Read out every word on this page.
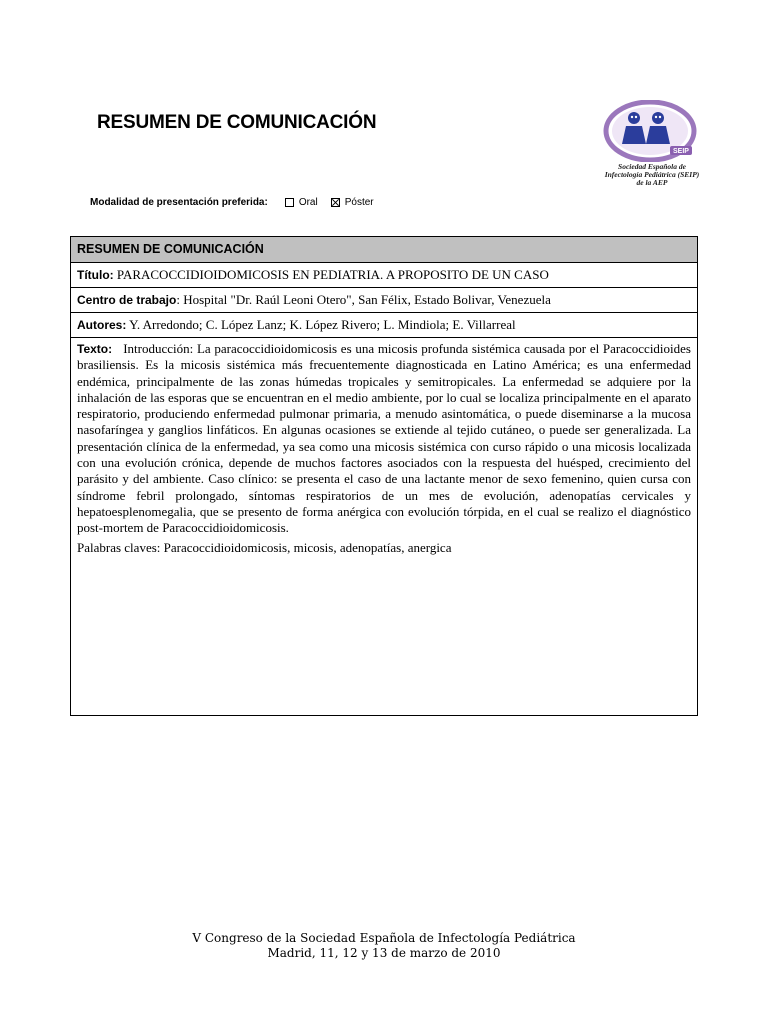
RESUMEN DE COMUNICACIÓN
SEIP
Sociedad Española de
Infectología Pediátrica (SEIP)
de la AEP
Modalidad de presentación preferida:	Oral	Póster
RESUMEN DE COMUNICACIÓN
Título: PARACOCCIDIOIDOMICOSIS EN PEDIATRIA. A PROPOSITO DE UN CASO
Centro de trabajo: Hospital "Dr. Raúl Leoni Otero", San Félix, Estado Bolivar, Venezuela
Autores: Y. Arredondo; C. López Lanz; K. López Rivero; L. Mindiola; E. Villarreal
Texto: Introducción: La paracoccidioidomicosis es una micosis profunda sistémica causada por el Paracoccidioides brasiliensis. Es la micosis sistémica más frecuentemente diagnosticada en Latino América; es una enfermedad endémica, principalmente de las zonas húmedas tropicales y semitropicales. La enfermedad se adquiere por la inhalación de las esporas que se encuentran en el medio ambiente, por lo cual se localiza principalmente en el aparato respiratorio, produciendo enfermedad pulmonar primaria, a menudo asintomática, o puede diseminarse a la mucosa nasofaríngea y ganglios linfáticos. En algunas ocasiones se extiende al tejido cutáneo, o puede ser generalizada. La presentación clínica de la enfermedad, ya sea como una micosis sistémica con curso rápido o una micosis localizada con una evolución crónica, depende de muchos factores asociados con la respuesta del huésped, crecimiento del parásito y del ambiente. Caso clínico: se presenta el caso de una lactante menor de sexo femenino, quien cursa con síndrome febril prolongado, síntomas respiratorios de un mes de evolución, adenopatías cervicales y hepatoesplenomegalia, que se presento de forma anérgica con evolución tórpida, en el cual se realizo el diagnóstico post-mortem de Paracoccidioidomicosis.
Palabras claves: Paracoccidioidomicosis, micosis, adenopatías, anergica
V Congreso de la Sociedad Española de Infectología Pediátrica
Madrid, 11, 12 y 13 de marzo de 2010
